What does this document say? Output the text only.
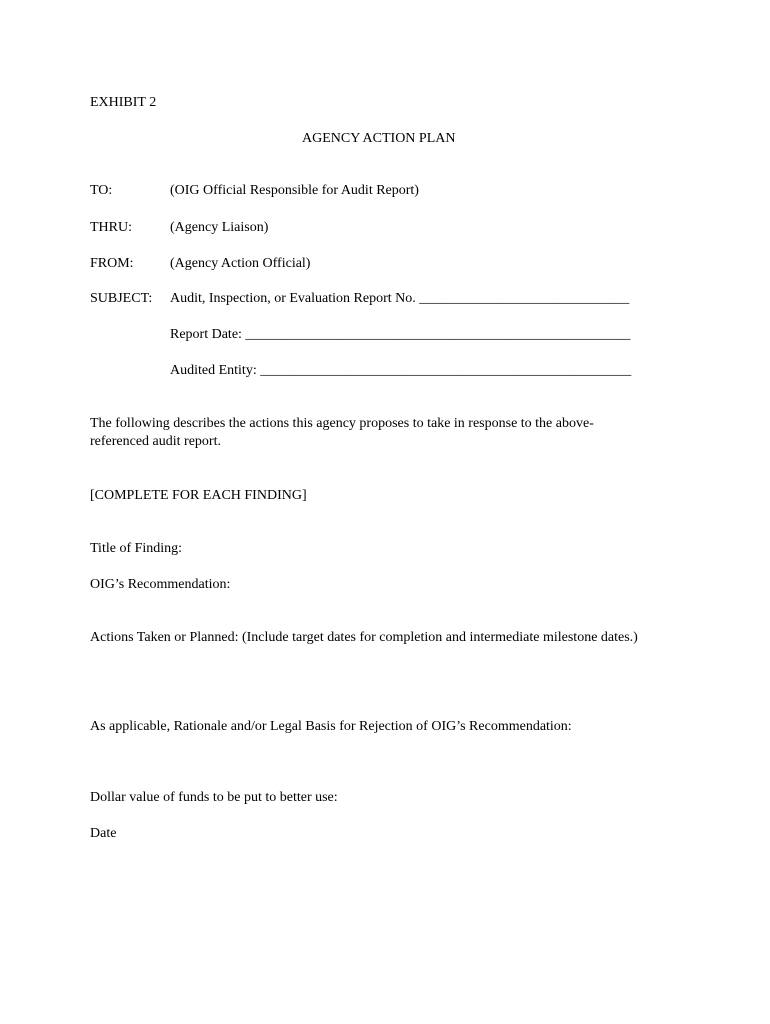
EXHIBIT 2
AGENCY ACTION PLAN
TO:	(OIG Official Responsible for Audit Report)
THRU:	(Agency Liaison)
FROM:	(Agency Action Official)
SUBJECT: Audit, Inspection, or Evaluation Report No. ______________________________
Report Date: _______________________________________________________
Audited Entity: _____________________________________________________
The following describes the actions this agency proposes to take in response to the above-referenced audit report.
[COMPLETE FOR EACH FINDING]
Title of Finding:
OIG’s Recommendation:
Actions Taken or Planned: (Include target dates for completion and intermediate milestone dates.)
As applicable, Rationale and/or Legal Basis for Rejection of OIG’s Recommendation:
Dollar value of funds to be put to better use:
Date
